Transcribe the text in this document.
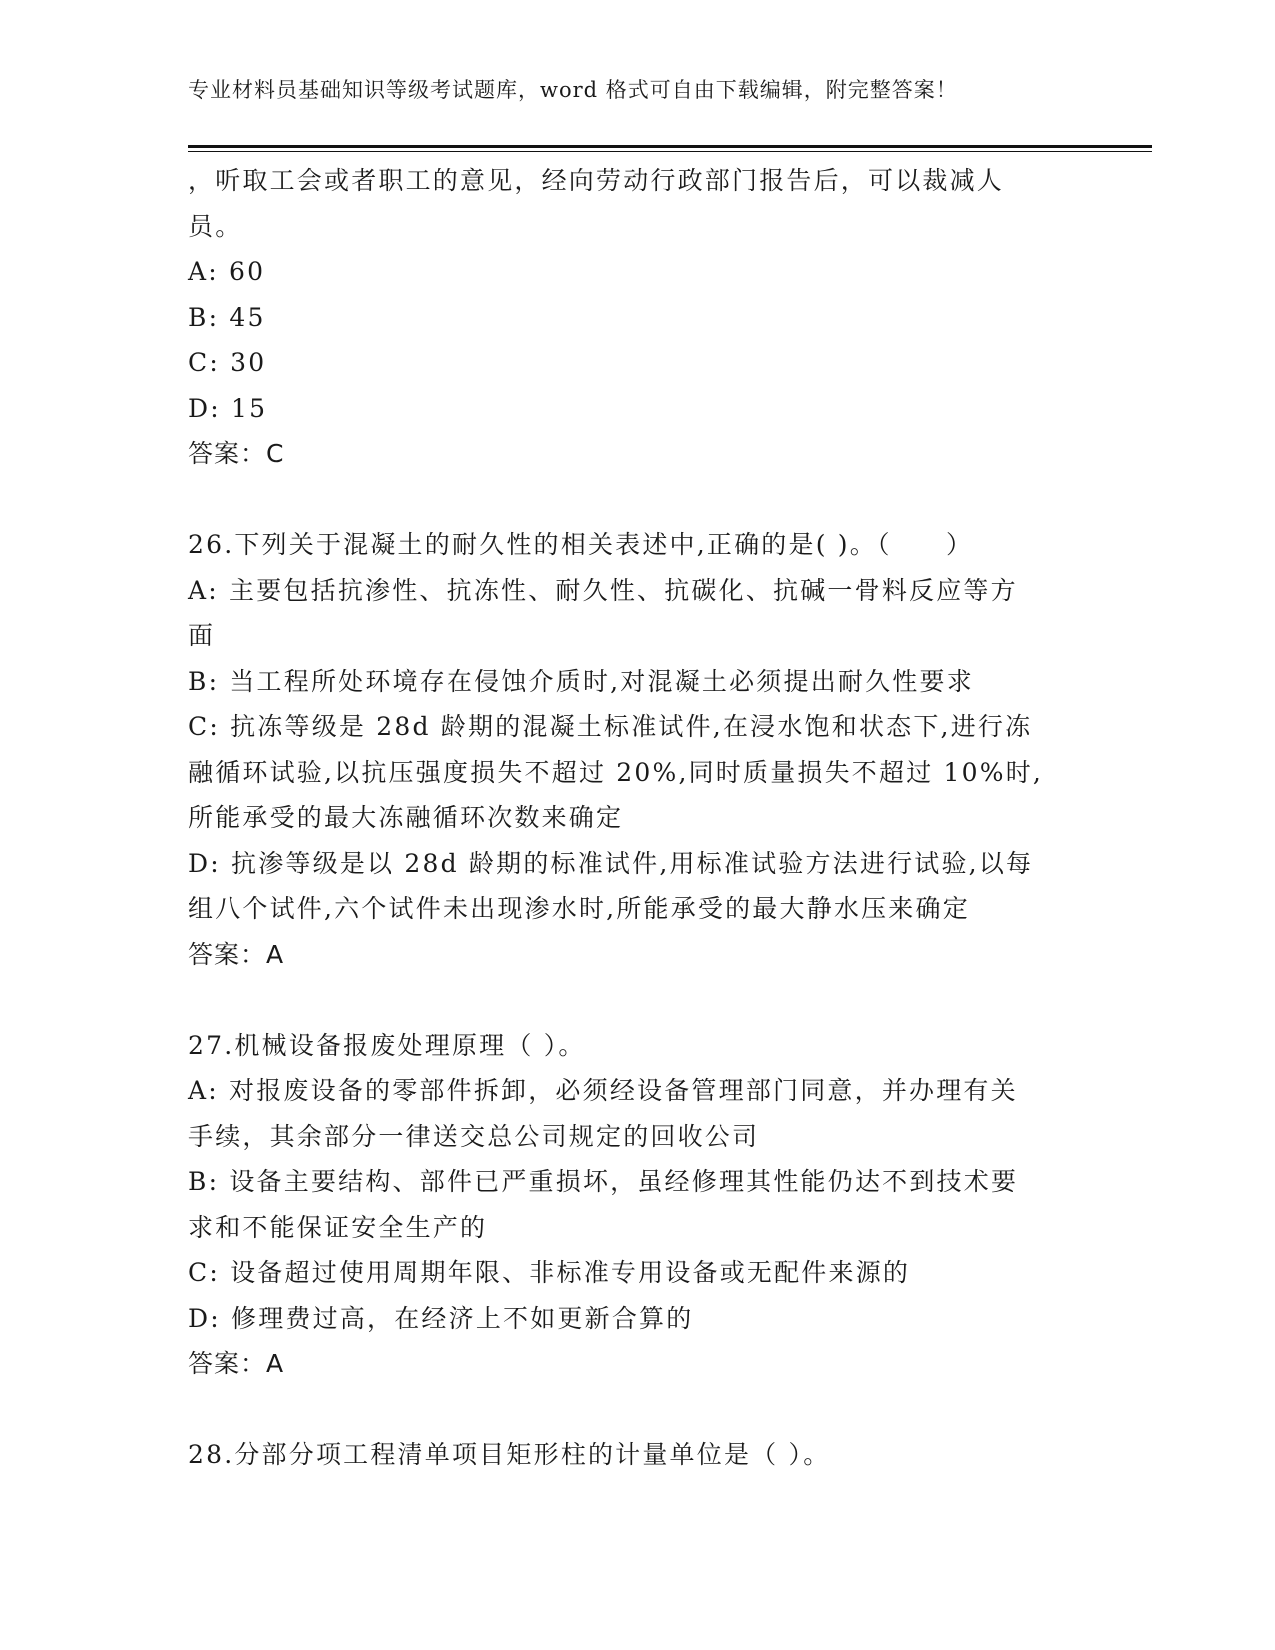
专业材料员基础知识等级考试题库，word 格式可自由下载编辑，附完整答案！
，听取工会或者职工的意见，经向劳动行政部门报告后，可以裁减人
员。
A: 60
B: 45
C: 30
D: 15
答案：C
26.下列关于混凝土的耐久性的相关表述中,正确的是( )。（　　）
A: 主要包括抗渗性、抗冻性、耐久性、抗碳化、抗碱一骨料反应等方
面
B: 当工程所处环境存在侵蚀介质时,对混凝土必须提出耐久性要求
C: 抗冻等级是 28d 龄期的混凝土标准试件,在浸水饱和状态下,进行冻
融循环试验,以抗压强度损失不超过 20%,同时质量损失不超过 10%时,
所能承受的最大冻融循环次数来确定
D: 抗渗等级是以 28d 龄期的标准试件,用标准试验方法进行试验,以每
组八个试件,六个试件未出现渗水时,所能承受的最大静水压来确定
答案：A
27.机械设备报废处理原理（ ）。
A: 对报废设备的零部件拆卸，必须经设备管理部门同意，并办理有关
手续，其余部分一律送交总公司规定的回收公司
B: 设备主要结构、部件已严重损坏，虽经修理其性能仍达不到技术要
求和不能保证安全生产的
C: 设备超过使用周期年限、非标准专用设备或无配件来源的
D: 修理费过高，在经济上不如更新合算的
答案：A
28.分部分项工程清单项目矩形柱的计量单位是（ ）。
